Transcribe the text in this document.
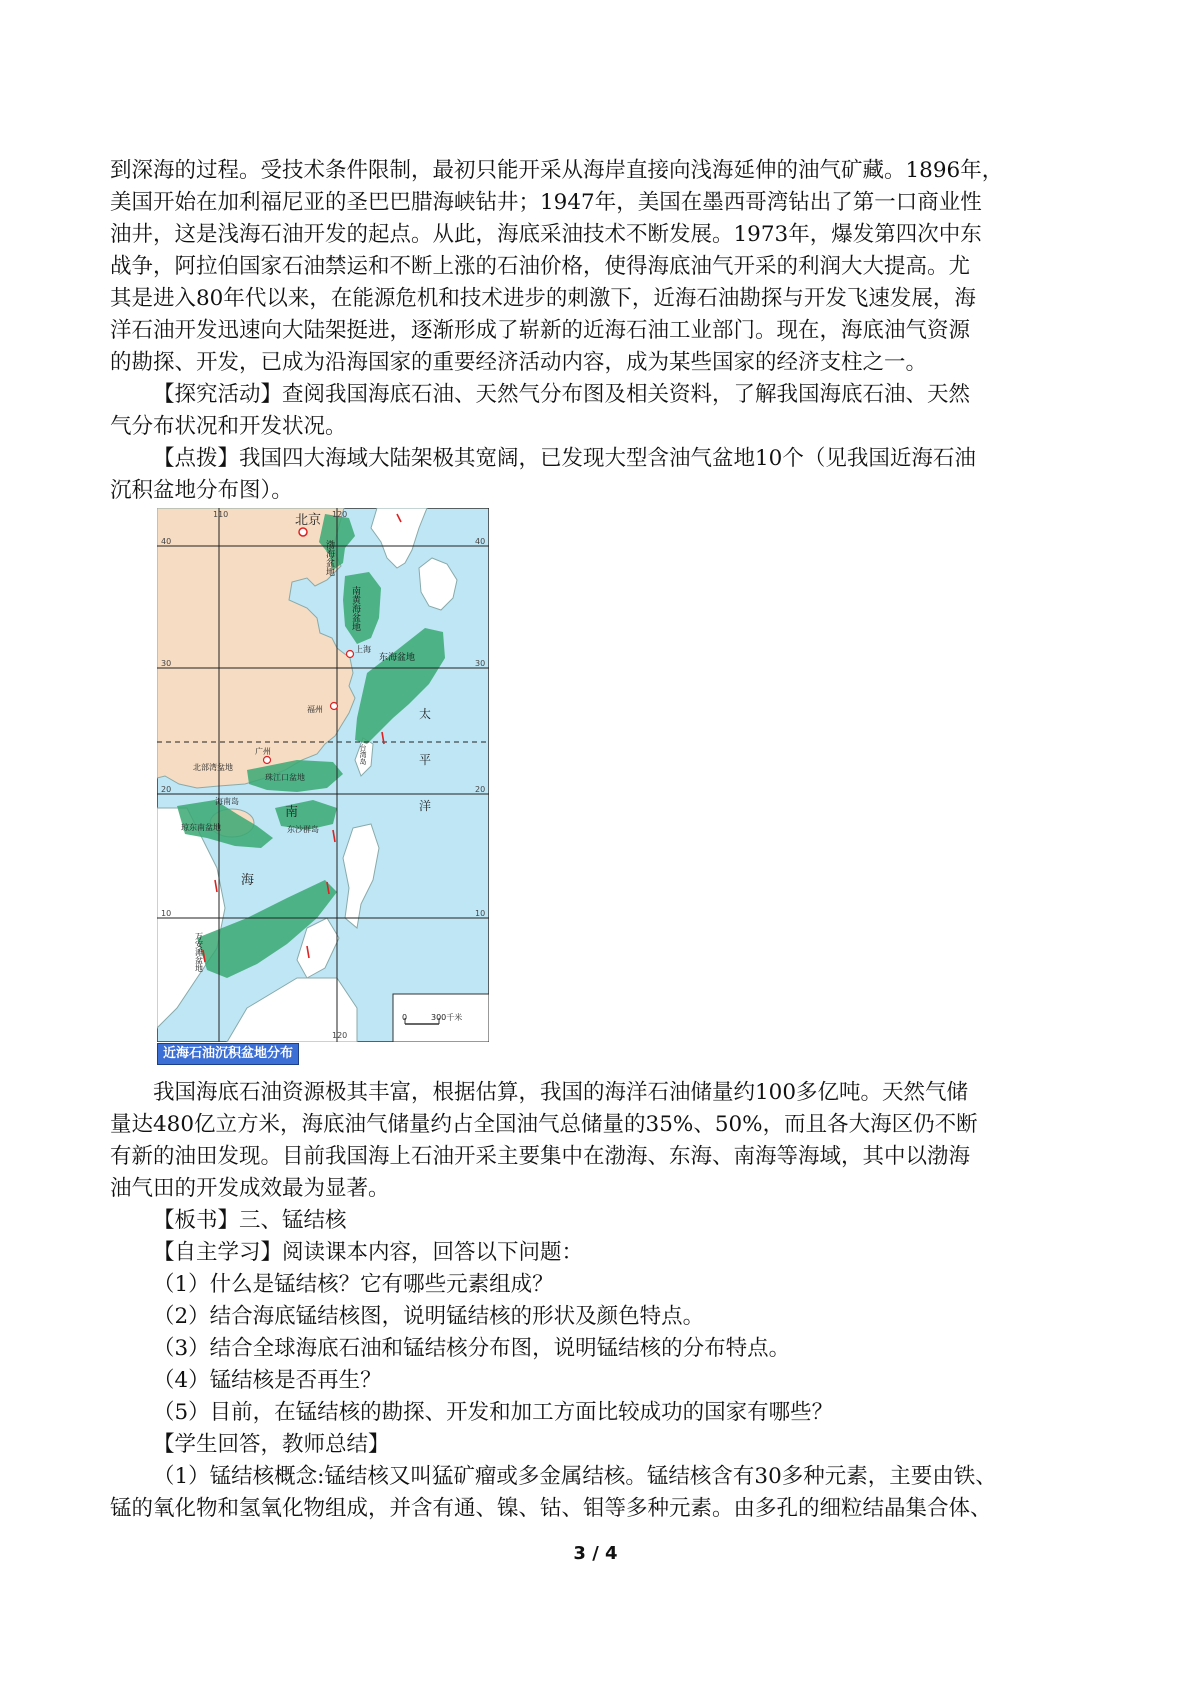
到深海的过程。受技术条件限制，最初只能开采从海岸直接向浅海延伸的油气矿藏。1896年，

美国开始在加利福尼亚的圣巴巴腊海峡钻井；1947年，美国在墨西哥湾钻出了第一口商业性

油井，这是浅海石油开发的起点。从此，海底采油技术不断发展。1973年，爆发第四次中东

战争，阿拉伯国家石油禁运和不断上涨的石油价格，使得海底油气开采的利润大大提高。尤

其是进入80年代以来，在能源危机和技术进步的刺激下，近海石油勘探与开发飞速发展，海

洋石油开发迅速向大陆架挺进，逐渐形成了崭新的近海石油工业部门。现在，海底油气资源

的勘探、开发，已成为沿海国家的重要经济活动内容，成为某些国家的经济支柱之一。

【探究活动】查阅我国海底石油、天然气分布图及相关资料，了解我国海底石油、天然

气分布状况和开发状况。

【点拨】我国四大海域大陆架极其宽阔，已发现大型含油气盆地10个（见我国近海石油

沉积盆地分布图）。

北京
110	120
40	40
30	30
20	20
10	10
120
上海
福州
广州
北部湾盆地
海南岛
珠江口盆地
琼东南盆地	东沙群岛
东海盆地
渤海盆地
南黄海盆地
台湾岛
万安滩盆地
南
海
太
平
洋
0	300千米
近海石油沉积盆地分布

我国海底石油资源极其丰富，根据估算，我国的海洋石油储量约100多亿吨。天然气储

量达480亿立方米，海底油气储量约占全国油气总储量的35%、50%，而且各大海区仍不断

有新的油田发现。目前我国海上石油开采主要集中在渤海、东海、南海等海域，其中以渤海

油气田的开发成效最为显著。

【板书】三、锰结核

【自主学习】阅读课本内容，回答以下问题：

（1）什么是锰结核？它有哪些元素组成？

（2）结合海底锰结核图，说明锰结核的形状及颜色特点。

（3）结合全球海底石油和锰结核分布图，说明锰结核的分布特点。

（4）锰结核是否再生？

（5）目前，在锰结核的勘探、开发和加工方面比较成功的国家有哪些？

【学生回答，教师总结】

（1）锰结核概念:锰结核又叫猛矿瘤或多金属结核。锰结核含有30多种元素，主要由铁、

锰的氧化物和氢氧化物组成，并含有通、镍、钴、钼等多种元素。由多孔的细粒结晶集合体、

3 / 4
